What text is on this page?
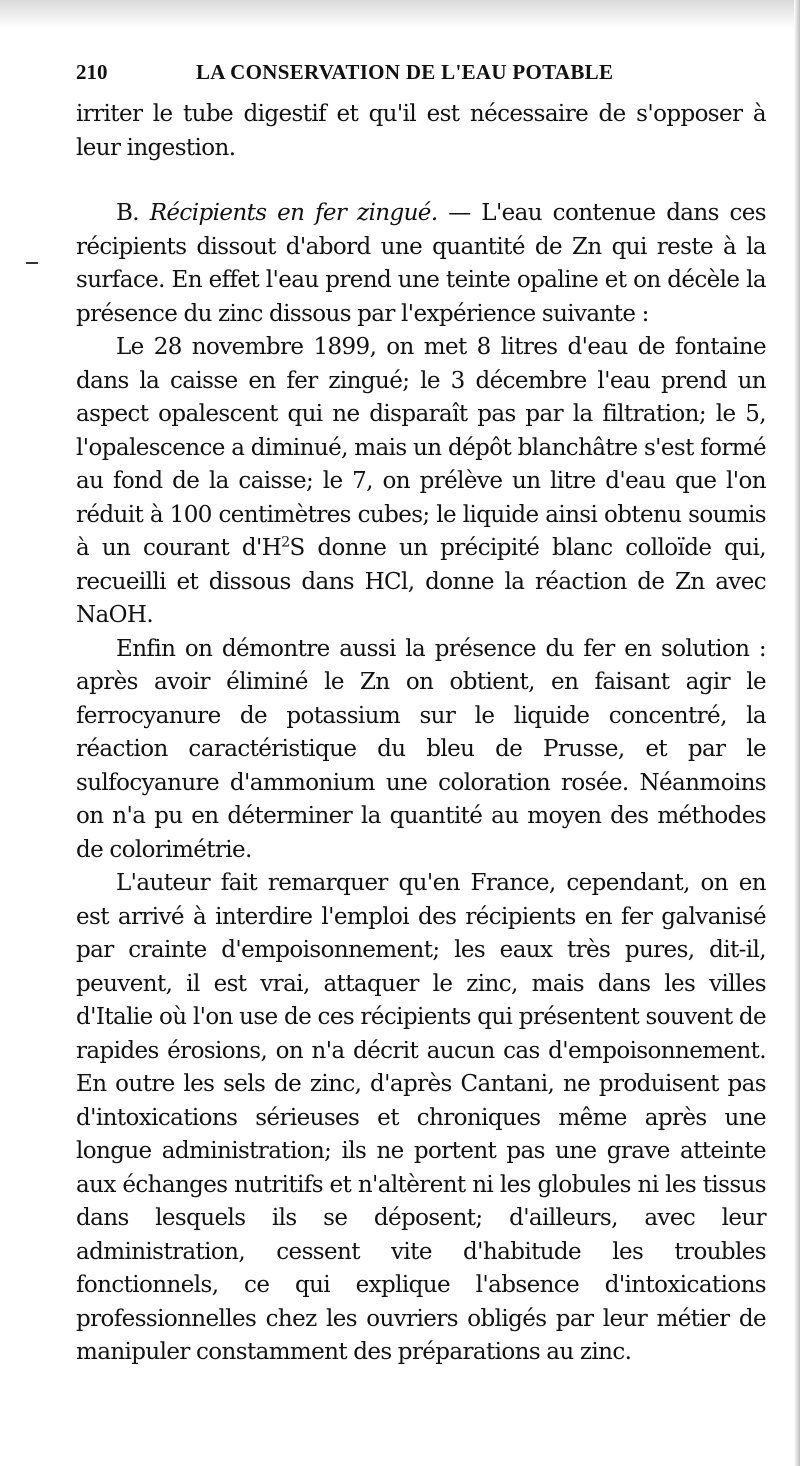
210	LA CONSERVATION DE L'EAU POTABLE

irriter le tube digestif et qu'il est nécessaire de s'opposer à leur ingestion.

B. Récipients en fer zingué. — L'eau contenue dans ces récipients dissout d'abord une quantité de Zn qui reste à la surface. En effet l'eau prend une teinte opaline et on décèle la présence du zinc dissous par l'expérience suivante :

Le 28 novembre 1899, on met 8 litres d'eau de fontaine dans la caisse en fer zingué; le 3 décembre l'eau prend un aspect opalescent qui ne disparaît pas par la filtration; le 5, l'opalescence a diminué, mais un dépôt blanchâtre s'est formé au fond de la caisse; le 7, on prélève un litre d'eau que l'on réduit à 100 centimètres cubes; le liquide ainsi obtenu soumis à un courant $d'H^2S$ donne un précipité blanc colloïde qui, recueilli et dissous dans HCl, donne la réaction de Zn avec NaOH.

Enfin on démontre aussi la présence du fer en solution : après avoir éliminé le Zn on obtient, en faisant agir le ferrocyanure de potassium sur le liquide concentré, la réaction caractéristique du bleu de Prusse, et par le sulfocyanure d'ammonium une coloration rosée. Néanmoins on n'a pu en déterminer la quantité au moyen des méthodes de colorimétrie.

L'auteur fait remarquer qu'en France, cependant, on en est arrivé à interdire l'emploi des récipients en fer galvanisé par crainte d'empoisonnement; les eaux très pures, dit-il, peuvent, il est vrai, attaquer le zinc, mais dans les villes d'Italie où l'on use de ces récipients qui présentent souvent de rapides érosions, on n'a décrit aucun cas d'empoisonnement. En outre les sels de zinc, d'après Cantani, ne produisent pas d'intoxications sérieuses et chroniques même après une longue administration; ils ne portent pas une grave atteinte aux échanges nutritifs et n'altèrent ni les globules ni les tissus dans lesquels ils se déposent; d'ailleurs, avec leur administration, cessent vite d'habitude les troubles fonctionnels, ce qui explique l'absence d'intoxications professionnelles chez les ouvriers obligés par leur métier de manipuler constamment des préparations au zinc.
